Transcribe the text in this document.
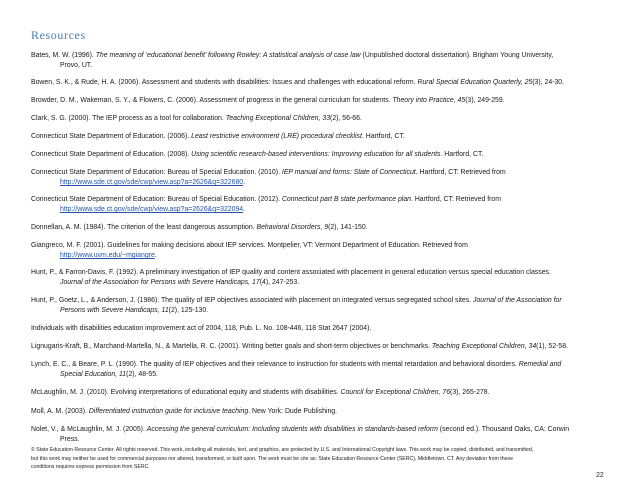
Resources
Bates, M. W. (1996). The meaning of ‘educational benefit’ following Rowley: A statistical analysis of case law (Unpublished doctoral dissertation). Brigham Young University,
Provo, UT.
Bowen, S. K., & Rude, H. A. (2006). Assessment and students with disabilities: Issues and challenges with educational reform. Rural Special Education Quarterly, 25(3), 24-30.
Browder, D. M., Wakeman, S. Y., & Flowers, C. (2006). Assessment of progress in the general curriculum for students. Theory into Practice, 45(3), 249-259.
Clark, S. G. (2000). The IEP process as a tool for collaboration. Teaching Exceptional Children, 33(2), 56-66.
Connecticut State Department of Education. (2006). Least restrictive environment (LRE) procedural checklist. Hartford, CT.
Connecticut State Department of Education. (2008). Using scientific research-based interventions: Improving education for all students. Hartford, CT.
Connecticut State Department of Education: Bureau of Special Education. (2010). IEP manual and forms: State of Connecticut. Hartford, CT: Retrieved from
http://www.sde.ct.gov/sde/cwp/view.asp?a=2626&q=322680.
Connecticut State Department of Education: Bureau of Special Education. (2012). Connecticut part B state performance plan. Hartford, CT: Retrieved from
http://www.sde.ct.gov/sde/cwp/view.asp?a=2626&q=322094.
Donnellan, A. M. (1984). The criterion of the least dangerous assumption. Behavioral Disorders, 9(2), 141-150.
Giangreco, M. F. (2001). Guidelines for making decisions about IEP services. Montpelier, VT: Vermont Department of Education. Retrieved from
http://www.uvm.edu/~mgiangre.
Hunt, P., & Farron-Davis, F. (1992). A preliminary investigation of IEP quality and content associated with placement in general education versus special education classes.
Journal of the Association for Persons with Severe Handicaps, 17(4), 247-253.
Hunt, P., Goetz, L., & Anderson, J. (1986). The quality of IEP objectives associated with placement on integrated versus segregated school sites. Journal of the Association for
Persons with Severe Handicaps, 11(2), 125-130.
Individuals with disabilities education improvement act of 2004, 118, Pub. L. No. 108-446, 118 Stat 2647 (2004).
Lignugaris-Kraft, B., Marchand-Martella, N., & Martella, R. C. (2001). Writing better goals and short-term objectives or benchmarks. Teaching Exceptional Children, 34(1), 52-58.
Lynch, E. C., & Beare, P. L. (1990). The quality of IEP objectives and their relevance to instruction for students with mental retardation and behavioral disorders. Remedial and
Special Education, 11(2), 48-55.
McLaughlin, M. J. (2010). Evolving interpretations of educational equity and students with disabilities. Council for Exceptional Children, 76(3), 265-278.
Moll, A. M. (2003). Differentiated instruction guide for inclusive teaching. New York: Dude Publishing.
Nolet, V., & McLaughlin, M. J. (2005). Accessing the general curriculum: Including students with disabilities in standards-based reform (second ed.). Thousand Oaks, CA: Corwin
Press.
© State Education Resource Center. All rights reserved. This work, including all materials, text, and graphics, are protected by U.S. and International Copyright laws. This work may be copied, distributed, and transmitted,
but this work may neither be used for commercial purposes nor altered, transformed, or built upon. The work must be cite as: State Education Resource Center (SERC), Middletown, CT. Any deviation from these
conditions requires express permission from SERC.
22
